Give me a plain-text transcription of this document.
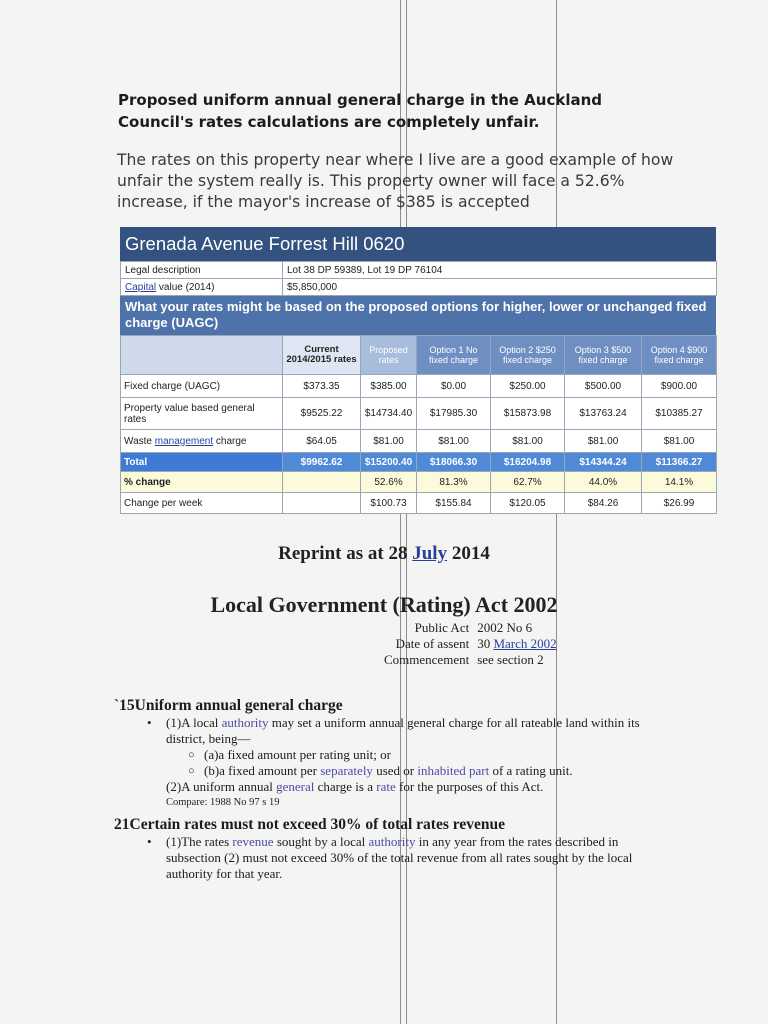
Proposed uniform annual general charge in the Auckland Council's rates calculations are completely unfair.

The rates on this property near where I live are a good example of how unfair the system really is. This property owner will face a 52.6% increase, if the mayor's increase of $385 is accepted

Grenada Avenue Forrest Hill 0620
Legal description	Lot 38 DP 59389, Lot 19 DP 76104
Capital value (2014)	$5,850,000
What your rates might be based on the proposed options for higher, lower or unchanged fixed charge (UAGC)
	Current 2014/2015 rates	Proposed rates	Option 1 No fixed charge	Option 2 $250 fixed charge	Option 3 $500 fixed charge	Option 4 $900 fixed charge
Fixed charge (UAGC)	$373.35	$385.00	$0.00	$250.00	$500.00	$900.00
Property value based general rates	$9525.22	$14734.40	$17985.30	$15873.98	$13763.24	$10385.27
Waste management charge	$64.05	$81.00	$81.00	$81.00	$81.00	$81.00
Total	$9962.62	$15200.40	$18066.30	$16204.98	$14344.24	$11366.27
% change		52.6%	81.3%	62.7%	44.0%	14.1%
Change per week		$100.73	$155.84	$120.05	$84.26	$26.99

Reprint as at 28 July 2014

Local Government (Rating) Act 2002

Public Act	2002 No 6
Date of assent	30 March 2002
Commencement	see section 2

`15Uniform annual general charge

• (1)A local authority may set a uniform annual general charge for all rateable land within its district, being—
○ (a)a fixed amount per rating unit; or
○ (b)a fixed amount per separately used or inhabited part of a rating unit.
(2)A uniform annual general charge is a rate for the purposes of this Act.
Compare: 1988 No 97 s 19

21Certain rates must not exceed 30% of total rates revenue

• (1)The rates revenue sought by a local authority in any year from the rates described in subsection (2) must not exceed 30% of the total revenue from all rates sought by the local authority for that year.
